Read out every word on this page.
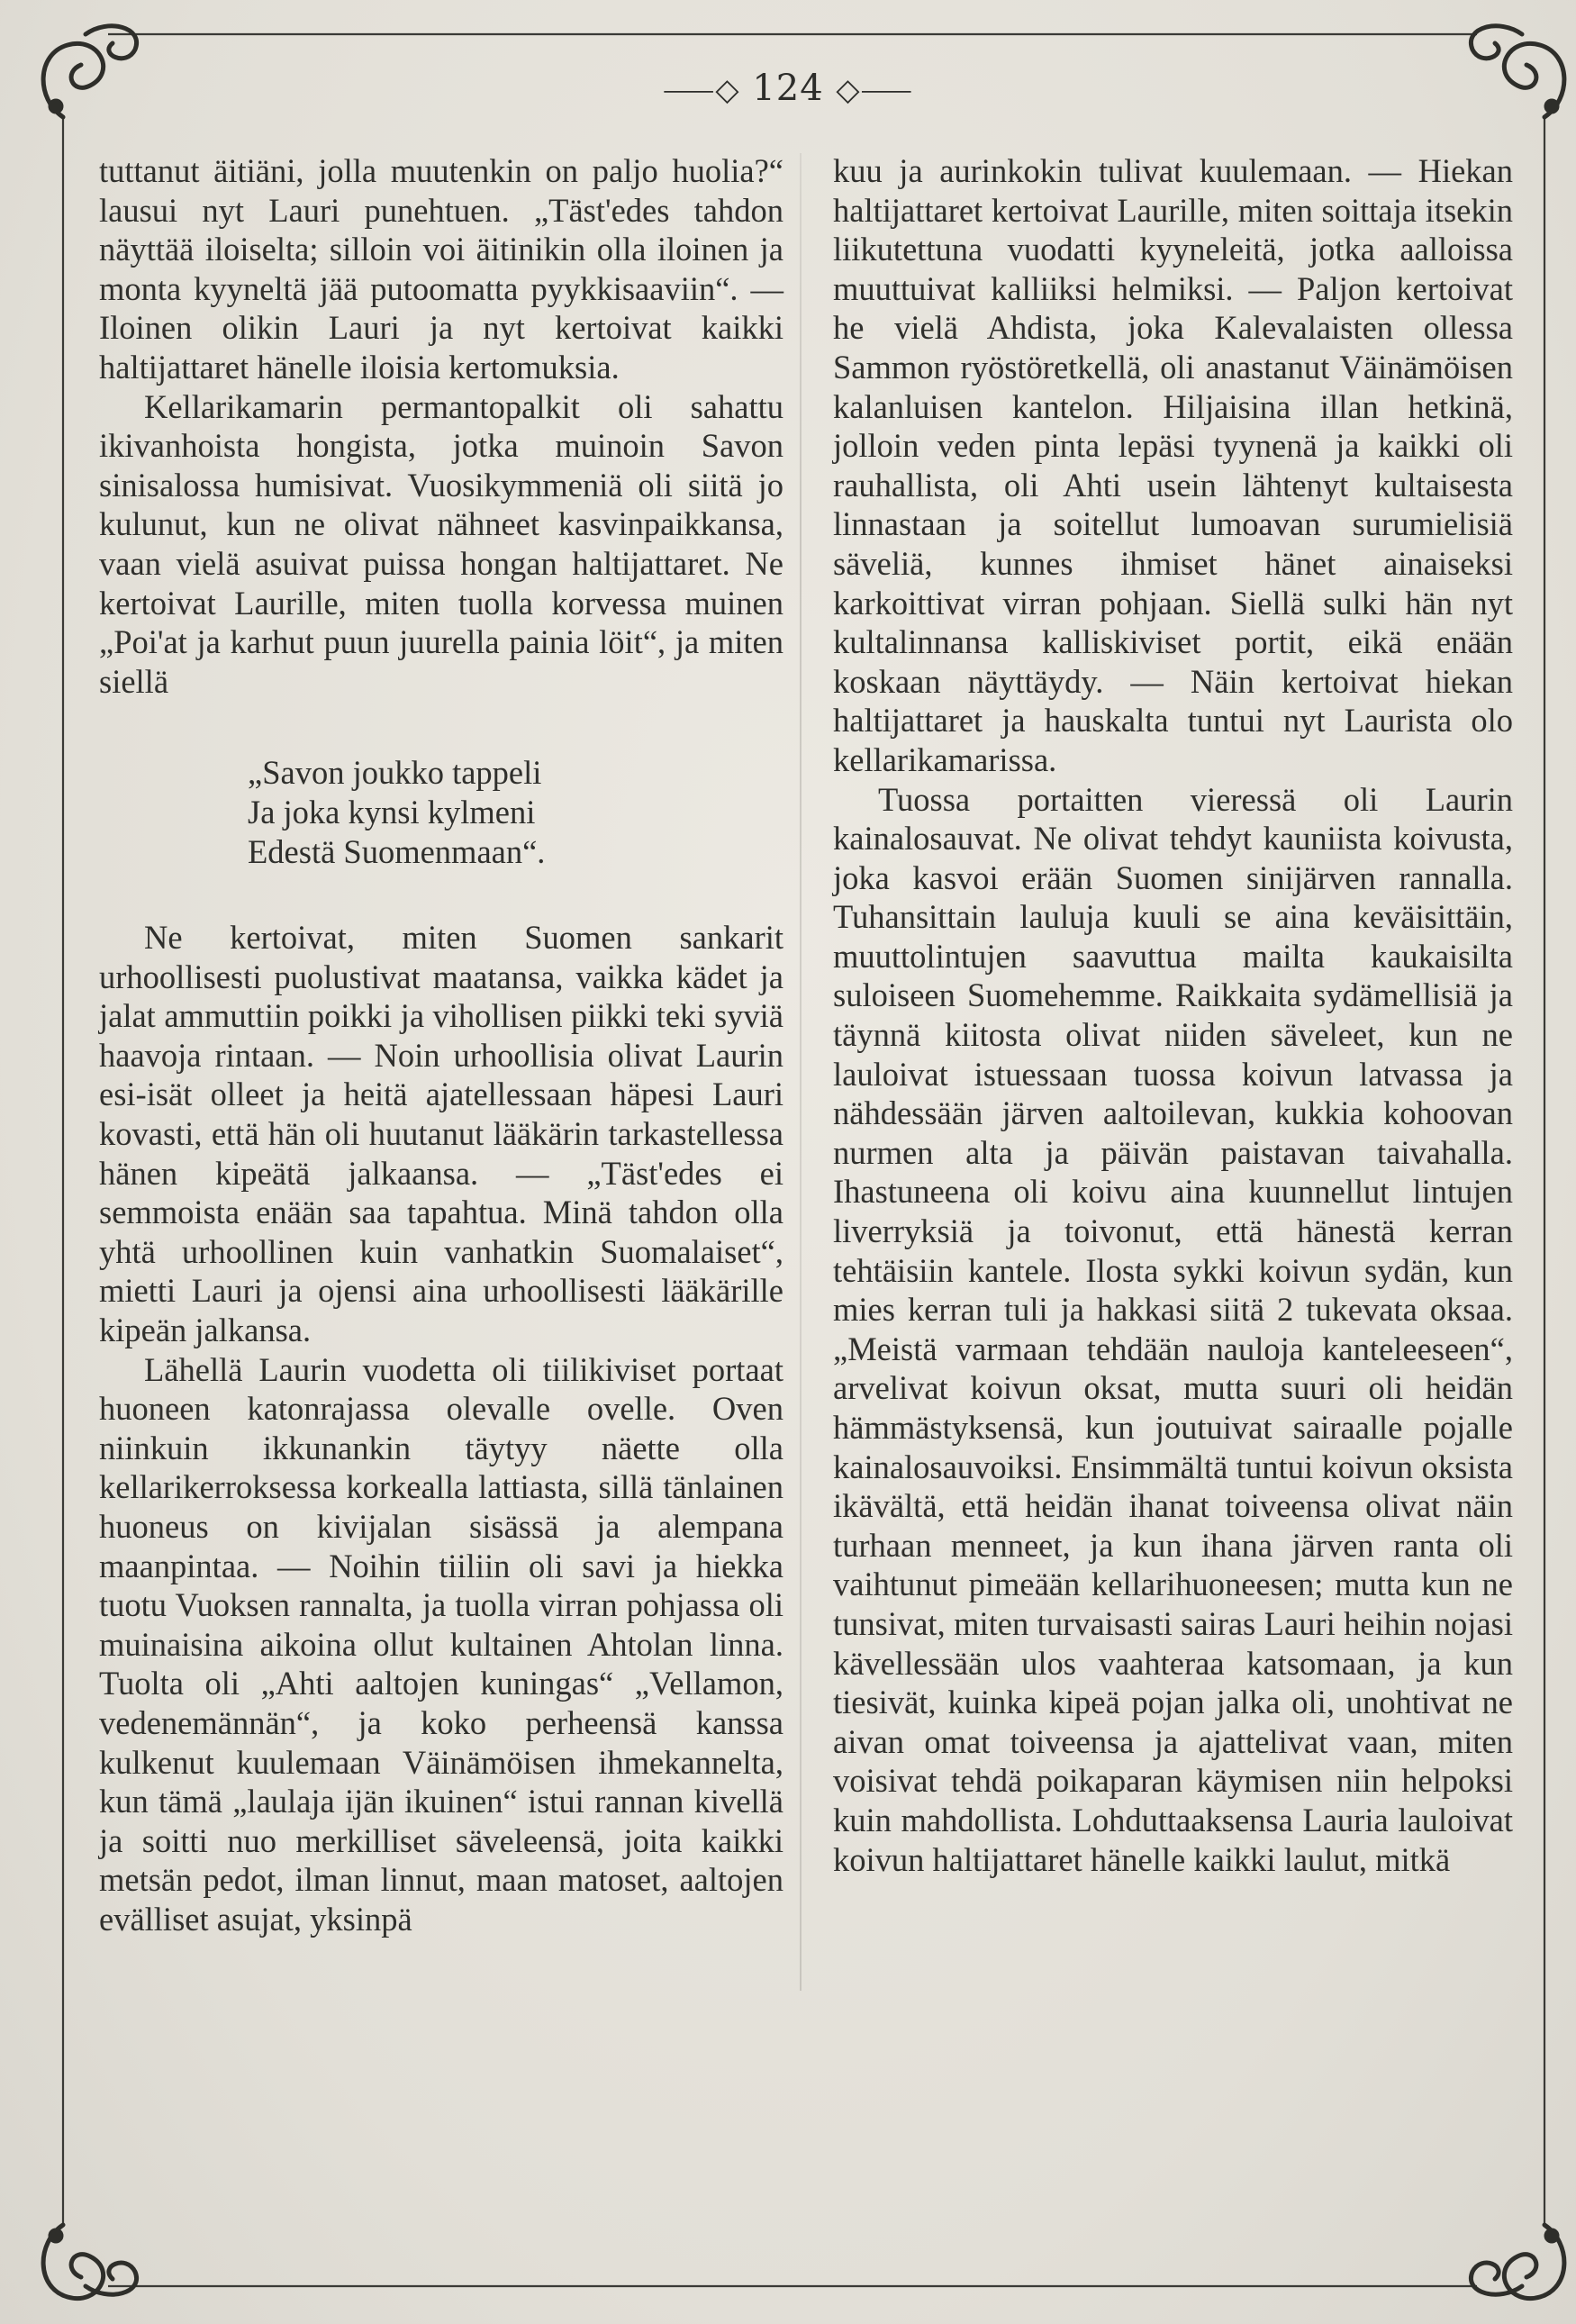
⸺◇ 124 ◇⸺

tuttanut äitiäni, jolla muutenkin on paljo huolia?“ lausui nyt Lauri punehtuen. „Täst'edes tahdon näyttää iloiselta; silloin voi äitinikin olla iloinen ja monta kyyneltä jää putoomatta pyykkisaaviin“. — Iloinen olikin Lauri ja nyt kertoivat kaikki haltijattaret hänelle iloisia kertomuksia.

Kellarikamarin permantopalkit oli sahattu ikivanhoista hongista, jotka muinoin Savon sinisalossa humisivat. Vuosikymmeniä oli siitä jo kulunut, kun ne olivat nähneet kasvinpaikkansa, vaan vielä asuivat puissa hongan haltijattaret. Ne kertoivat Laurille, miten tuolla korvessa muinen „Poi'at ja karhut puun juurella painia löit“, ja miten siellä

„Savon joukko tappeli
Ja joka kynsi kylmeni
Edestä Suomenmaan“.

Ne kertoivat, miten Suomen sankarit urhoollisesti puolustivat maatansa, vaikka kädet ja jalat ammuttiin poikki ja vihollisen piikki teki syviä haavoja rintaan. — Noin urhoollisia olivat Laurin esi-isät olleet ja heitä ajatellessaan häpesi Lauri kovasti, että hän oli huutanut lääkärin tarkastellessa hänen kipeätä jalkaansa. — „Täst'edes ei semmoista enään saa tapahtua. Minä tahdon olla yhtä urhoollinen kuin vanhatkin Suomalaiset“, mietti Lauri ja ojensi aina urhoollisesti lääkärille kipeän jalkansa.

Lähellä Laurin vuodetta oli tiilikiviset portaat huoneen katonrajassa olevalle ovelle. Oven niinkuin ikkunankin täytyy näette olla kellarikerroksessa korkealla lattiasta, sillä tänlainen huoneus on kivijalan sisässä ja alempana maanpintaa. — Noihin tiiliin oli savi ja hiekka tuotu Vuoksen rannalta, ja tuolla virran pohjassa oli muinaisina aikoina ollut kultainen Ahtolan linna. Tuolta oli „Ahti aaltojen kuningas“ „Vellamon, vedenemännän“, ja koko perheensä kanssa kulkenut kuulemaan Väinämöisen ihmekannelta, kun tämä „laulaja ijän ikuinen“ istui rannan kivellä ja soitti nuo merkilliset säveleensä, joita kaikki metsän pedot, ilman linnut, maan matoset, aaltojen evälliset asujat, yksinpä

kuu ja aurinkokin tulivat kuulemaan. — Hiekan haltijattaret kertoivat Laurille, miten soittaja itsekin liikutettuna vuodatti kyyneleitä, jotka aalloissa muuttuivat kalliiksi helmiksi. — Paljon kertoivat he vielä Ahdista, joka Kalevalaisten ollessa Sammon ryöstöretkellä, oli anastanut Väinämöisen kalanluisen kantelon. Hiljaisina illan hetkinä, jolloin veden pinta lepäsi tyynenä ja kaikki oli rauhallista, oli Ahti usein lähtenyt kultaisesta linnastaan ja soitellut lumoavan surumielisiä säveliä, kunnes ihmiset hänet ainaiseksi karkoittivat virran pohjaan. Siellä sulki hän nyt kultalinnansa kalliskiviset portit, eikä enään koskaan näyttäydy. — Näin kertoivat hiekan haltijattaret ja hauskalta tuntui nyt Laurista olo kellarikamarissa.

Tuossa portaitten vieressä oli Laurin kainalosauvat. Ne olivat tehdyt kauniista koivusta, joka kasvoi erään Suomen sinijärven rannalla. Tuhansittain lauluja kuuli se aina keväisittäin, muuttolintujen saavuttua mailta kaukaisilta suloiseen Suomehemme. Raikkaita sydämellisiä ja täynnä kiitosta olivat niiden säveleet, kun ne lauloivat istuessaan tuossa koivun latvassa ja nähdessään järven aaltoilevan, kukkia kohoovan nurmen alta ja päivän paistavan taivahalla. Ihastuneena oli koivu aina kuunnellut lintujen liverryksiä ja toivonut, että hänestä kerran tehtäisiin kantele. Ilosta sykki koivun sydän, kun mies kerran tuli ja hakkasi siitä 2 tukevata oksaa. „Meistä varmaan tehdään nauloja kanteleeseen“, arvelivat koivun oksat, mutta suuri oli heidän hämmästyksensä, kun joutuivat sairaalle pojalle kainalosauvoiksi. Ensimmältä tuntui koivun oksista ikävältä, että heidän ihanat toiveensa olivat näin turhaan menneet, ja kun ihana järven ranta oli vaihtunut pimeään kellarihuoneesen; mutta kun ne tunsivat, miten turvaisasti sairas Lauri heihin nojasi kävellessään ulos vaahteraa katsomaan, ja kun tiesivät, kuinka kipeä pojan jalka oli, unohtivat ne aivan omat toiveensa ja ajattelivat vaan, miten voisivat tehdä poikaparan käymisen niin helpoksi kuin mahdollista. Lohduttaaksensa Lauria lauloivat koivun haltijattaret hänelle kaikki laulut, mitkä
